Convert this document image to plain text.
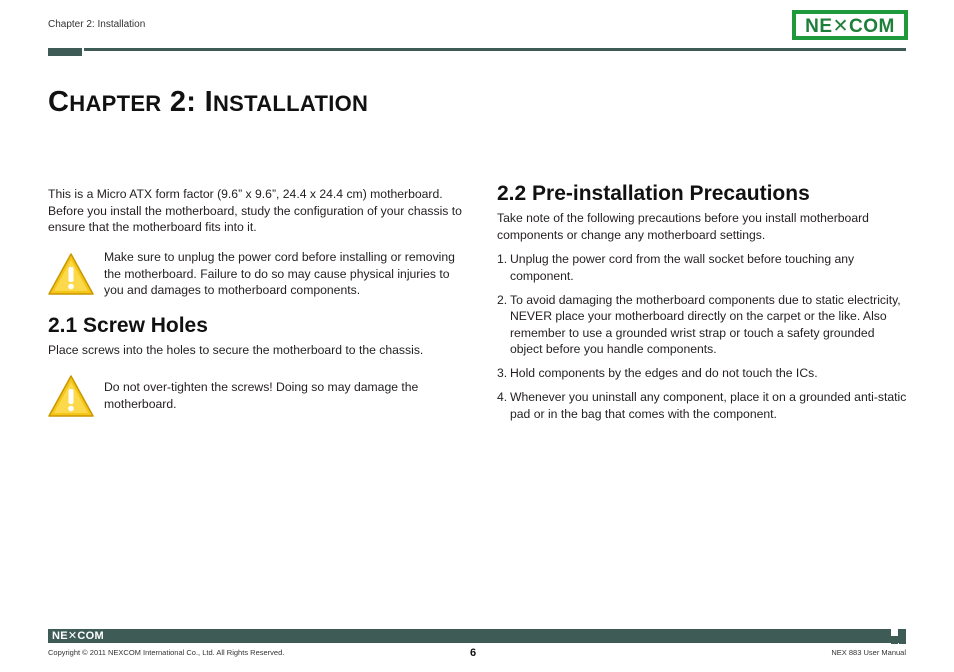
Chapter 2: Installation	NE✕COM
CHAPTER 2: INSTALLATION
This is a Micro ATX form factor (9.6” x 9.6”, 24.4 x 24.4 cm) motherboard. Before you install the motherboard, study the configuration of your chassis to ensure that the motherboard fits into it.
Make sure to unplug the power cord before installing or removing the motherboard. Failure to do so may cause physical injuries to you and damages to motherboard components.
2.1 Screw Holes
Place screws into the holes to secure the motherboard to the chassis.
Do not over-tighten the screws! Doing so may damage the motherboard.
2.2 Pre-installation Precautions
Take note of the following precautions before you install motherboard components or change any motherboard settings.
1. Unplug the power cord from the wall socket before touching any component.
2. To avoid damaging the motherboard components due to static electricity, NEVER place your motherboard directly on the carpet or the like. Also remember to use a grounded wrist strap or touch a safety grounded object before you handle components.
3. Hold components by the edges and do not touch the ICs.
4. Whenever you uninstall any component, place it on a grounded anti-static pad or in the bag that comes with the component.
NE✕COM
Copyright © 2011 NEXCOM International Co., Ltd. All Rights Reserved.	6	NEX 883 User Manual
